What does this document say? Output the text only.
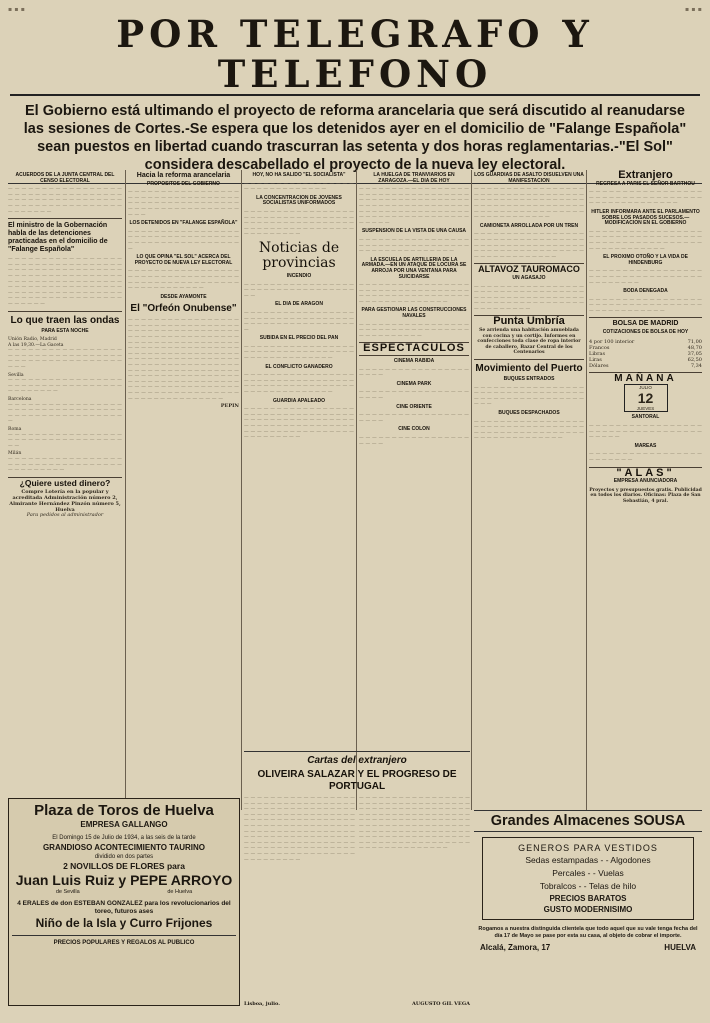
▪ ▪ ▪	▪ ▪ ▪
POR TELEGRAFO Y TELEFONO
El Gobierno está ultimando el proyecto de reforma arancelaria que será discutido al reanudarse las sesiones de Cortes.-Se espera que los detenidos ayer en el domicilio de "Falange Española" sean puestos en libertad cuando trascurran las setenta y dos horas reglamentarias.-"El Sol" considera descabellado el proyecto de la nueva ley electoral.
ACUERDOS DE LA JUNTA CENTRAL DEL CENSO ELECTORAL

— — — — — — — — — — — — — — — — — — — — — — — — — — — — — — — — — — — — — — — — — — — — — — — — — — — — — — — — — — — — — — — — — — — — — — — — — — —

El ministro de la Gobernación habla de las detenciones practicadas en el domicilio de "Falange Española"

— — — — — — — — — — — — — — — — — — — — — — — — — — — — — — — — — — — — — — — — — — — — — — — — — — — — — — — — — — — — — — — — — — — — — — — — — — — — — — — — — — — — — — — — — — — — — — — — — — — — — — — — — — — — — — — — — — — — — — — — — — — — — — — — — — — — — — — — — — — — — —

Lo que traen las ondas
PARA ESTA NOCHE
Unión Radio, Madrid
A las 19,30.—La Gaceta

— — — — — — — — — — — — — — — — — — — — — — — — — — — — — — — — — — — — — — — — — — — — — — — — — — — — — —

Sevilla

— — — — — — — — — — — — — — — — — — — — — — — — — — — — — — — — — — — — — — — — — —

Barcelona

— — — — — — — — — — — — — — — — — — — — — — — — — — — — — — — — — — — — — — — — — — — — — — — — — — — —

Roma

— — — — — — — — — — — — — — — — — — — — — — — — — — — — — — — — — — — —

Milán

— — — — — — — — — — — — — — — — — — — — — — — — — — — — — — — — — — — — — — — — — — —

¿Quiere usted dinero?
Compre Lotería en la popular y acreditada Administración número 2, Almirante Hernández Pinzón número 5, Huelva
Para pedidos al administrador
Hacia la reforma arancelaria
PROPOSITOS DEL GOBIERNO

— — — — — — — — — — — — — — — — — — — — — — — — — — — — — — — — — — — — — — — — — — — — — — — — — — — — — — — — — — — — — — — — — — — — — — —

LOS DETENIDOS EN "FALANGE ESPAÑOLA"

— — — — — — — — — — — — — — — — — — — — — — — — — — — — — — — — — — — — — — — — — — — — — — — — — — — —

LO QUE OPINA "EL SOL" ACERCA DEL PROYECTO DE NUEVA LEY ELECTORAL

— — — — — — — — — — — — — — — — — — — — — — — — — — — — — — — — — — — — — — — — — — — — — — — — — — — — — — — — — — — — — — —

DESDE AYAMONTE
El "Orfeón Onubense"

— — — — — — — — — — — — — — — — — — — — — — — — — — — — — — — — — — — — — — — — — — — — — — — — — — — — — — — — — — — — — — — — — — — — — — — — — — — — — — — — — — — — — — — — — — — — — — — — — — — — — — — — — — — — — — — — — — — — — — — — — — — — — — — — — — — — — — — — — — — — — — — — — — — — — — — — — — — — — — — — — — — — — — — — — — — — — — — — — — — — — — — — — — — — — — — — — — — — — — — — — — — — — — — — — — — — — — — — — — — — — — — — — — — — — — — — — — — — — — — — — — — — — — — — — — — — —

PEPIN
HOY, NO HA SALIDO "EL SOCIALISTA"

— — — — — — — — — — — — — — — — — — — — — — — — — — — — — —

LA CONCENTRACION DE JOVENES SOCIALISTAS UNIFORMADOS

— — — — — — — — — — — — — — — — — — — — — — — — — — — — — — — — — — — — — — — — — — — — — — — — — — — — — — — — — — — — — — — — — — — — — — — — — — — — —

Noticias de provincias
INCENDIO

— — — — — — — — — — — — — — — — — — — — — — — — — — — — — — — — — — — —

EL DIA DE ARAGON

— — — — — — — — — — — — — — — — — — — — — — — — — — — — — — — — — — — — — — — — — — — — — — — — — — — —

SUBIDA EN EL PRECIO DEL PAN

— — — — — — — — — — — — — — — — — — — — — — — — — — — — — — — — — — — — — — — — — — — — — — — —

EL CONFLICTO GANADERO

— — — — — — — — — — — — — — — — — — — — — — — — — — — — — — — — — — — — — — — — — — — — — — — — — — — — — — — — — — — — — — — — —

GUARDIA APALEADO

— — — — — — — — — — — — — — — — — — — — — — — — — — — — — — — — — — — — — — — — — — — — — — — — — — — — — — — — — — — — — — — — — — — — — — — — — — — — — — — — — — — — — — — — — — — — — —

LA HUELGA DE TRANVIARIOS EN ZARAGOZA.—EL DIA DE HOY

— — — — — — — — — — — — — — — — — — — — — — — — — — — — — — — — — — — — — — — — — — — — — — — — — — — — — — — — — — — — — — — — — — — — — — — — — — — — — — — — — — — — — — — — — — — — — — — — — — — — — — — — — — —

SUSPENSION DE LA VISTA DE UNA CAUSA

— — — — — — — — — — — — — — — — — — — — — — — — — — — — — — — — — — — — — — — — — — — — — — — — —

LA ESCUELA DE ARTILLERIA DE LA ARMADA.—EN UN ATAQUE DE LOCURA SE ARROJA POR UNA VENTANA PARA SUICIDARSE

— — — — — — — — — — — — — — — — — — — — — — — — — — — — — — — — — — — — — — — — — — — — — — — — — — — — — — — — — — — — — — — — —

PARA GESTIONAR LAS CONSTRUCCIONES NAVALES

— — — — — — — — — — — — — — — — — — — — — — — — — — — — — — — — — — — — — — — — — — — —

ESPECTACULOS
CINEMA RABIDA

— — — — — — — — — — — — — — — — — — — — —

CINEMA PARK

— — — — — — — — — — — — — — — — — — — — —

CINE ORIENTE

— — — — — — — — — — — — — — — — — — — — —

CINE COLON

— — — — — — — — — — — — — — — — — — — — —

LOS GUARDIAS DE ASALTO DISUELVEN UNA MANIFESTACION

— — — — — — — — — — — — — — — — — — — — — — — — — — — — — — — — — — — — — — — — — — — — — — — — — — — — — — — — — — — — — — — — — — — — — — — — — — — — — — — — — — — — — — — — — — — — — — — — —

CAMIONETA ARROLLADA POR UN TREN

— — — — — — — — — — — — — — — — — — — — — — — — — — — — — — — — — — — — — — — — — — — — — — — — — — — — — — — — — — — — — — — — — — — — — — — — — — — — — — — — —

ALTAVOZ TAUROMACO
UN AGASAJO

— — — — — — — — — — — — — — — — — — — — — — — — — — — — — — — — — — — — — — — — — — — — — — — — — — — — — — — — — — — — — — — — — — — — — — — — — — — — —

Punta Umbría
Se arrienda una habitación amueblada con cocina y un cortijo. Informes en confecciones toda clase de ropa interior de caballero, Bazar Central de los Centenarios
Movimiento del Puerto
BUQUES ENTRADOS

— — — — — — — — — — — — — — — — — — — — — — — — — — — — — — — — — — — — — — — — — — — — — — — — — — — — — —

BUQUES DESPACHADOS

— — — — — — — — — — — — — — — — — — — — — — — — — — — — — — — — — — — — — — — — — — — — — — — — — — — — — — — — — — — — — — — — —

Extranjero
REGRESA A PARIS EL SEÑOR BARTHOU

— — — — — — — — — — — — — — — — — — — — — — — — — — — — — — — — — — — — — — — — — — — — — — — —

HITLER INFORMARA ANTE EL PARLAMENTO SOBRE LOS PASADOS SUCESOS.—MODIFICACION EN EL GOBIERNO

— — — — — — — — — — — — — — — — — — — — — — — — — — — — — — — — — — — — — — — — — — — — — — — — — — — — — — — — — — — — — — —

EL PROXIMO OTOÑO Y LA VIDA DE HINDENBURG

— — — — — — — — — — — — — — — — — — — — — — — — — — — — — — — — — — — — — — — — — —

BODA DENEGADA

— — — — — — — — — — — — — — — — — — — — — — — — — — — — — — — — — — — — — — — — — — — — — —

BOLSA DE MADRID
COTIZACIONES DE BOLSA DE HOY
4 por 100 interior	71,00
Francos	48,70
Libras	37,05
Liras	62,50
Dólares	7,34
MAÑANA
JULIO
12
JUEVES
SANTORAL

— — — — — — — — — — — — — — — — — — — — — — — — — — — — — — — — — — — — — — —

MAREAS

— — — — — — — — — — — — — — — — — — — — — — — —

"ALAS"
EMPRESA ANUNCIADORA
Proyectos y presupuestos gratis. Publicidad en todos los diarios. Oficinas: Plaza de San Sebastián, 4 pral.
Plaza de Toros de Huelva
EMPRESA GALLANGO
El Domingo 15 de Julio de 1934, a las seis de la tarde
GRANDIOSO ACONTECIMIENTO TAURINO
dividido en dos partes
2 NOVILLOS DE FLORES para
Juan Luis Ruiz y PEPE ARROYO
de Sevilla	de Huelva
4 ERALES de don ESTEBAN GONZALEZ para los revolucionarios del toreo, futuros ases
Niño de la Isla y Curro Frijones
PRECIOS POPULARES Y REGALOS AL PUBLICO
Cartas del extranjero
OLIVEIRA SALAZAR Y EL PROGRESO DE PORTUGAL

— — — — — — — — — — — — — — — — — — — — — — — — — — — — — — — — — — — — — — — — — — — — — — — — — — — — — — — — — — — — — — — — — — — — — — — — — — — — — — — — — — — — — — — — — — — — — — — — — — — — — — — — — — — — — — — — — — — — — — — — — — — — — — — — — — — — — — — — — — — — — — — — — — — — — — — — — — — — — — — — — — — — — — — — — — — — — — — — — — — — — — — — — — — — — — — — — — — —

— — — — — — — — — — — — — — — — — — — — — — — — — — — — — — — — — — — — — — — — — — — — — — — — — — — — — — — — — — — — — — — — — — — — — — — — — — — — — — — — — — — — — — — — — — — — — — — — — — — — — — — — — — — — — — — — — — — — — — — — — — — — — — — — — — — — — — — — — — — — — — — — — — — — — — — — — — — — — — — — — — — — — — —

Lisboa, julio.	AUGUSTO GIL VEGA
Grandes Almacenes SOUSA
GENEROS PARA VESTIDOS
Sedas estampadas - - Algodones
Percales - - Vuelas
Tobralcos - - Telas de hilo
PRECIOS BARATOS
GUSTO MODERNISIMO
Rogamos a nuestra distinguida clientela que todo aquel que su vale tenga fecha del día 17 de Mayo se pase por esta su casa, al objeto de cobrar el importe.
Alcalá, Zamora, 17	HUELVA
